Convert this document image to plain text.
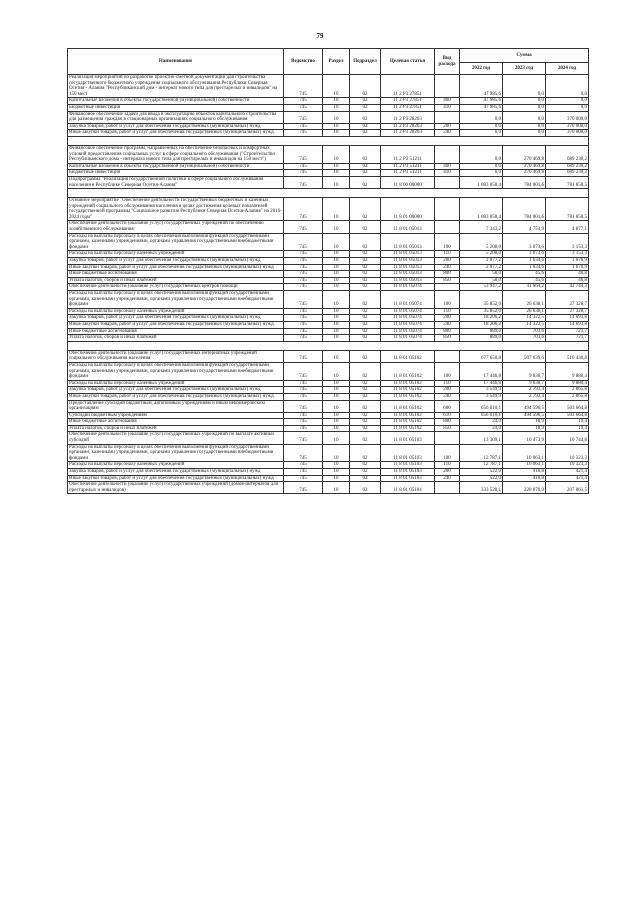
79
Наименование	Ведомство	Раздел	Подраздел	Целевая статья	Вид расхода	Сумма		
						2022 год	2023 год	2024 год
Реализация мероприятий по разработке проектно-сметной документации для строительства государственного бюджетного учреждения социального обслуживания Республики Северная Осетия - Алания "Республиканский дом - интернат нового типа для престарелых и инвалидов" на 150 мест	745	10	02	11 2 P3 27851		47 985,6	0,0	0,0
Капитальные вложения в объекты государственной (муниципальной) собственности	745	10	02	11 2 P3 27851	400	47 985,6	0,0	0,0
Бюджетные инвестиции	745	10	02	11 2 P3 27851	410	47 985,6	0,0	0,0
Финансовое обеспечение задачи для ввода в эксплуатацию объектов капитального строительства для размещения граждан в стационарных организациях социального обслуживания	745	10	02	11 2 P3 28203		0,0	0,0	370 000,0
Закупка товаров, работ и услуг для обеспечения государственных (муниципальных) нужд	745	10	02	11 2 P3 28203	200	0,0	0,0	370 000,0
Иные закупки товаров, работ и услуг для обеспечения государственных (муниципальных) нужд	745	10	02	11 2 P3 28203	240	0,0	0,0	370 000,0

Финансовое обеспечение программ, направленных на обеспечение безопасных и комфортных условий предоставления социальных услуг в сфере социального обслуживания ("Строительство Республиканского дома - интерната нового типа для престарелых и инвалидов на 150 мест")	745	10	02	11 2 P3 51211		0,0	270 469,8	689 230,2
Капитальные вложения в объекты государственной (муниципальной) собственности	745	10	02	11 2 P3 51211	400	0,0	270 469,8	689 230,2
Бюджетные инвестиции	745	10	02	11 2 P3 51211	410	0,0	270 469,8	689 230,2
Подпрограмма "Реализация государственной политики в сфере социального обслуживания населения в Республике Северная Осетия-Алания"	745	10	02	11 8 00 00000		1 083 058,4	784 001,6	781 858,5

Основное мероприятие "Обеспечение деятельности государственных бюджетных и казенных учреждений социального обслуживания населения в целях достижения целевых показателей государственной программы "Социальное развитие Республики Северная Осетия-Алания" на 2016-2024 годы"	745	10	02	11 8 01 00000		1 083 058,4	784 001,6	781 858,5
Обеспечение деятельности (оказание услуг) государственных учреждений по обеспечению хозяйственного обслуживания	745	10	02	11 8 01 05013		7 343,2	4 753,9	4 877,1
Расходы на выплаты персоналу в целях обеспечения выполнения функций государственными органами, казенными учреждениями, органами управления государственными внебюджетными фондами	745	10	02	11 8 01 05013	100	5 208,0	3 073,6	3 153,3
Расходы на выплаты персоналу казенных учреждений	745	10	02	11 8 01 05013	110	5 208,0	3 073,6	3 153,3
Закупка товаров, работ и услуг для обеспечения государственных (муниципальных) нужд	745	10	02	11 8 01 05013	200	2 077,2	1 634,6	1 676,9
Иные закупки товаров, работ и услуг для обеспечения государственных (муниципальных) нужд	745	10	02	11 8 01 05013	240	2 077,2	1 634,6	1 676,9
Иные бюджетные ассигнования	745	10	02	11 8 01 05013	800	58,0	45,6	46,8
Уплата налогов, сборов и иных платежей	745	10	02	11 8 01 05013	850	58,0	45,6	46,8
Обеспечение деятельности (оказание услуг) государственных центров помощи	745	10	02	11 8 01 05074		53 947,2	41 664,2	42 744,3
Расходы на выплаты персоналу в целях обеспечения выполнения функций государственными органами, казенными учреждениями, органами управления государственными внебюджетными фондами	745	10	02	11 8 01 05074	100	35 852,0	26 638,1	27 328,7
Расходы на выплаты персоналу казенных учреждений	745	10	02	11 8 01 05074	110	35 852,0	26 638,1	27 328,7
Закупка товаров, работ и услуг для обеспечения государственных (муниципальных) нужд	745	10	02	11 8 01 05074	200	18 206,2	14 322,5	14 693,8
Иные закупки товаров, работ и услуг для обеспечения государственных (муниципальных) нужд	745	10	02	11 8 01 05074	240	18 206,2	14 322,5	14 693,8
Иные бюджетные ассигнования	745	10	02	11 8 01 05074	800	889,0	703,6	721,7
Уплата налогов, сборов и иных платежей	745	10	02	11 8 01 05074	850	889,0	703,6	721,7

Обеспечение деятельности (оказание услуг) государственных интернатных учреждений социального обслуживания населения	745	10	02	11 8 01 05102		677 650,8	507 039,6	516 430,8
Расходы на выплаты персоналу в целях обеспечения выполнения функций государственными органами, казенными учреждениями, органами управления государственными внебюджетными фондами	745	10	02	11 8 01 05102	100	17 446,8	9 630,7	9 880,4
Расходы на выплаты персоналу казенных учреждений	745	10	02	11 8 01 05102	110	17 446,8	9 630,7	9 880,4
Закупка товаров, работ и услуг для обеспечения государственных (муниципальных) нужд	745	10	02	11 8 01 05102	200	3 549,9	2 793,4	2 865,8
Иные закупки товаров, работ и услуг для обеспечения государственных (муниципальных) нужд	745	10	02	11 8 01 05102	240	3 549,9	2 793,4	2 865,8
Предоставление субсидий бюджетным, автономным учреждениям и иным некоммерческим организациям	745	10	02	11 8 01 05102	600	656 610,1	494 596,5	503 664,8
Субсидии бюджетным учреждениям	745	10	02	11 8 01 05102	610	656 610,1	494 596,5	503 664,8
Иные бюджетные ассигнования	745	10	02	11 8 01 05102	800	24,0	18,9	19,4
Уплата налогов, сборов и иных платежей	745	10	02	11 8 01 05102	850	24,0	18,9	19,4
Обеспечение деятельности (оказание услуг) государственных учреждений по выплате активных субсидий	745	10	02	11 8 01 05103		13 309,1	10 473,9	10 744,8
Расходы на выплаты персоналу в целях обеспечения выполнения функций государственными органами, казенными учреждениями, органами управления государственными внебюджетными фондами	745	10	02	11 8 01 05103	100	12 787,1	10 063,1	10 323,3
Расходы на выплаты персоналу казенных учреждений	745	10	02	11 8 01 05103	110	12 787,1	10 063,1	10 323,3
Закупка товаров, работ и услуг для обеспечения государственных (муниципальных) нужд	745	10	02	11 8 01 05103	200	522,0	410,8	421,4
Иные закупки товаров, работ и услуг для обеспечения государственных (муниципальных) нужд	745	10	02	11 8 01 05103	240	522,0	410,8	421,4
Обеспечение деятельности (оказание услуг) государственных учреждений (домов-интернатов для престарелых и инвалидов)	745	10	02	11 8 01 05104		333 528,1	220 070,0	207 061,5
